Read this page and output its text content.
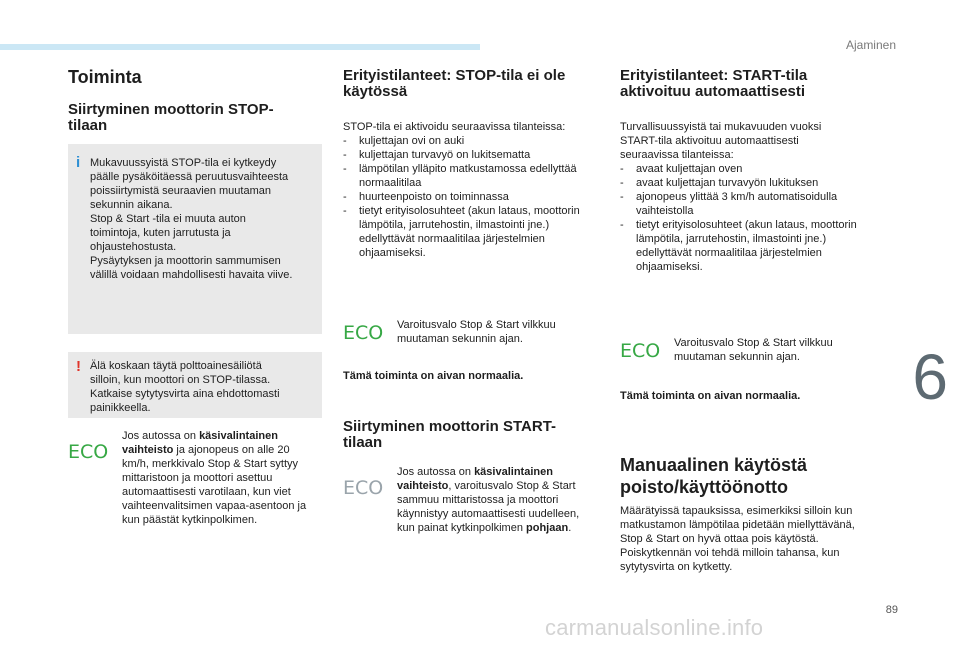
Ajaminen
6
89
carmanualsonline.info
Toiminta
Siirtyminen moottorin STOP-tilaan
i Mukavuussyistä STOP-tila ei kytkeydy
päälle pysäköitäessä peruutusvaihteesta
poissiirtymistä seuraavien muutaman
sekunnin aikana.
Stop & Start -tila ei muuta auton
toimintoja, kuten jarrutusta ja
ohjaustehostusta.
Pysäytyksen ja moottorin sammumisen
välillä voidaan mahdollisesti havaita viive.
! Älä koskaan täytä polttoainesäiliötä
silloin, kun moottori on STOP-tilassa.
Katkaise sytytysvirta aina ehdottomasti
painikkeella.
ECO
Jos autossa on käsivalintainen vaihteisto ja ajonopeus on alle 20 km/h, merkkivalo Stop & Start syttyy mittaristoon ja moottori asettuu automaattisesti varotilaan, kun viet vaihteenvalitsimen vapaa-asentoon ja kun päästät kytkinpolkimen.
Erityistilanteet: STOP-tila ei ole käytössä

STOP-tila ei aktivoidu seuraavissa tilanteissa:

- kuljettajan ovi on auki
- kuljettajan turvavyö on lukitsematta
- lämpötilan ylläpito matkustamossa edellyttää normaalitilaa
- huurteenpoisto on toiminnassa
- tietyt erityisolosuhteet (akun lataus, moottorin lämpötila, jarrutehostin, ilmastointi jne.) edellyttävät normaalitilaa järjestelmien ohjaamiseksi.
ECO	Varoitusvalo Stop & Start vilkkuu muutaman sekunnin ajan.

Tämä toiminta on aivan normaalia.

Siirtyminen moottorin START-tilaan
ECO
Jos autossa on käsivalintainen vaihteisto, varoitusvalo Stop & Start sammuu mittaristossa ja moottori käynnistyy automaattisesti uudelleen, kun painat kytkinpolkimen pohjaan.
Erityistilanteet: START-tila aktivoituu automaattisesti

Turvallisuussyistä tai mukavuuden vuoksi START-tila aktivoituu automaattisesti seuraavissa tilanteissa:

- avaat kuljettajan oven
- avaat kuljettajan turvavyön lukituksen
- ajonopeus ylittää 3 km/h automatisoidulla vaihteistolla
- tietyt erityisolosuhteet (akun lataus, moottorin lämpötila, jarrutehostin, ilmastointi jne.) edellyttävät normaalitilaa järjestelmien ohjaamiseksi.
ECO	Varoitusvalo Stop & Start vilkkuu muutaman sekunnin ajan.

Tämä toiminta on aivan normaalia.

Manuaalinen käytöstä poisto/käyttöönotto

Määrätyissä tapauksissa, esimerkiksi silloin kun matkustamon lämpötilaa pidetään miellyttävänä, Stop & Start on hyvä ottaa pois käytöstä.

Poiskytkennän voi tehdä milloin tahansa, kun sytytysvirta on kytketty.
